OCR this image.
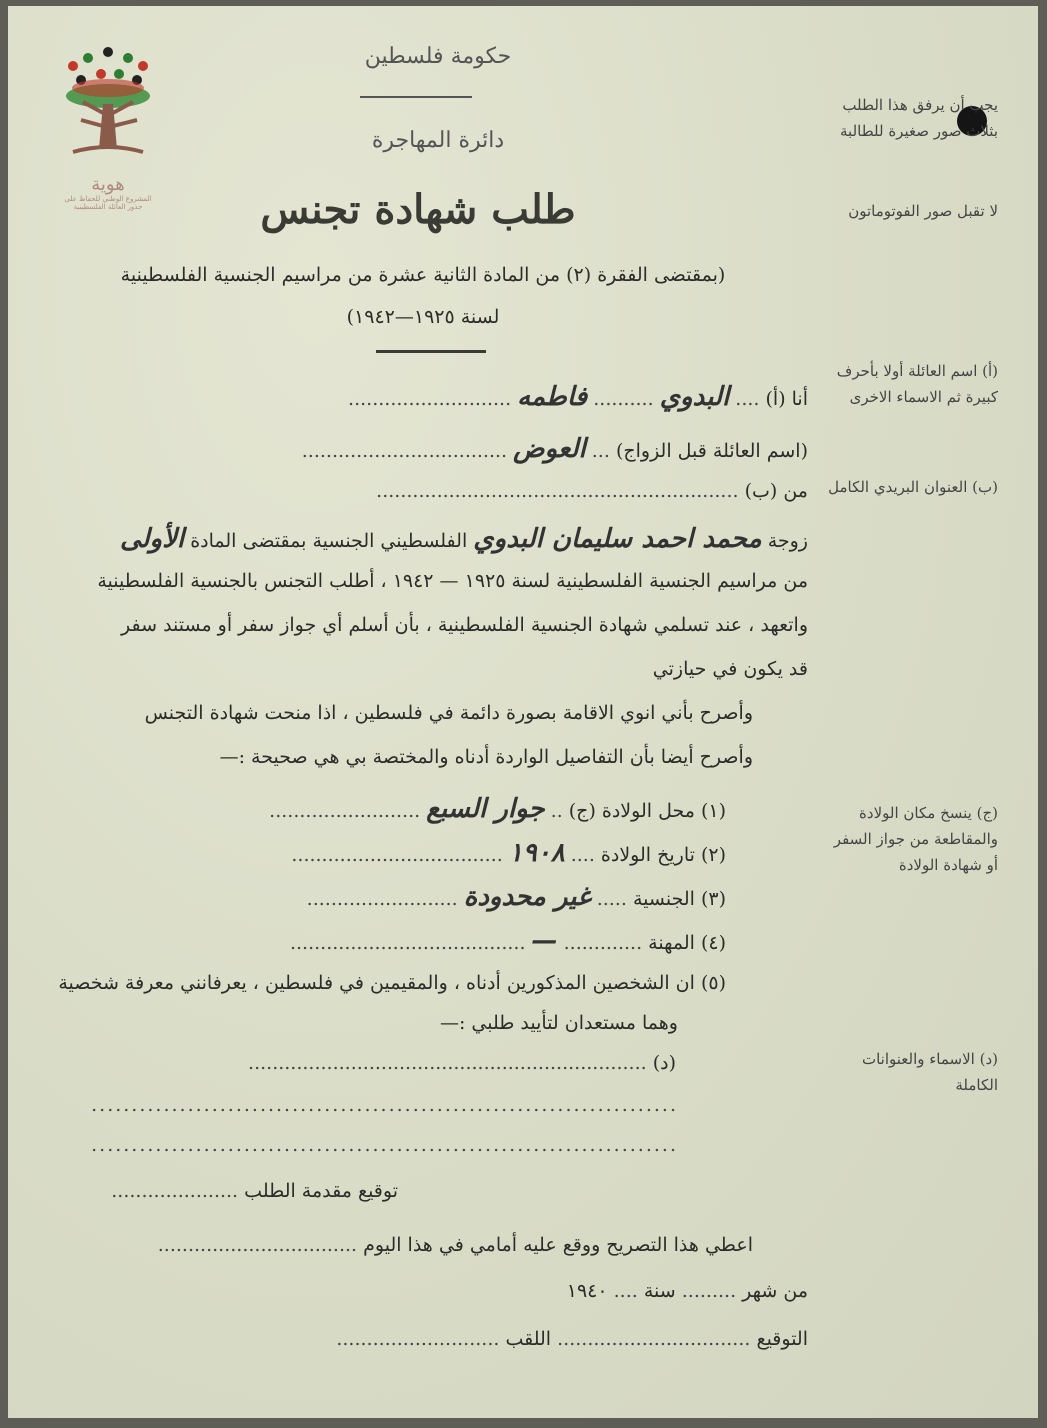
هوية
المشروع الوطني للحفاظ على
جذور العائلة الفلسطينية
حكومة فلسطين
دائرة المهاجرة
طلب شهادة تجنس
(بمقتضى الفقرة (٢) من المادة الثانية عشرة من مراسيم الجنسية الفلسطينية
لسنة ١٩٢٥—١٩٤٢)
يجب أن يرفق هذا الطلب بثلاث صور صغيرة للطالبة
لا تقبل صور الفوتوماتون
(أ) اسم العائلة أولا بأحرف كبيرة ثم الاسماء الاخرى
(ب) العنوان البريدي الكامل
(ج) ينسخ مكان الولادة والمقاطعة من جواز السفر أو شهادة الولادة
(د) الاسماء والعنوانات الكاملة
أنا (أ) .... البدوي .......... فاطمه ...........................
(اسم العائلة قبل الزواج) ... العوض ..................................
من (ب) ............................................................
زوجة محمد احمد سليمان البدوي الفلسطيني الجنسية بمقتضى المادة الأولى
من مراسيم الجنسية الفلسطينية لسنة ١٩٢٥ — ١٩٤٢ ، أطلب التجنس بالجنسية الفلسطينية
واتعهد ، عند تسلمي شهادة الجنسية الفلسطينية ، بأن أسلم أي جواز سفر أو مستند سفر
قد يكون في حيازتي
وأصرح بأني انوي الاقامة بصورة دائمة في فلسطين ، اذا منحت شهادة التجنس
وأصرح أيضا بأن التفاصيل الواردة أدناه والمختصة بي هي صحيحة :—
(١) محل الولادة (ج) .. جوار السبع .........................
(٢) تاريخ الولادة .... ١٩٠٨ ...................................
(٣) الجنسية ..... غير محدودة .........................
(٤) المهنة ............. — .......................................
(٥) ان الشخصين المذكورين أدناه ، والمقيمين في فلسطين ، يعرفانني معرفة شخصية
وهما مستعدان لتأييد طلبي :—
(د) ..................................................................
.........................................................................
.........................................................................
توقيع مقدمة الطلب .....................
اعطي هذا التصريح ووقع عليه أمامي في هذا اليوم .................................
من شهر ......... سنة .... ١٩٤٠
التوقيع ................................ اللقب ...........................
